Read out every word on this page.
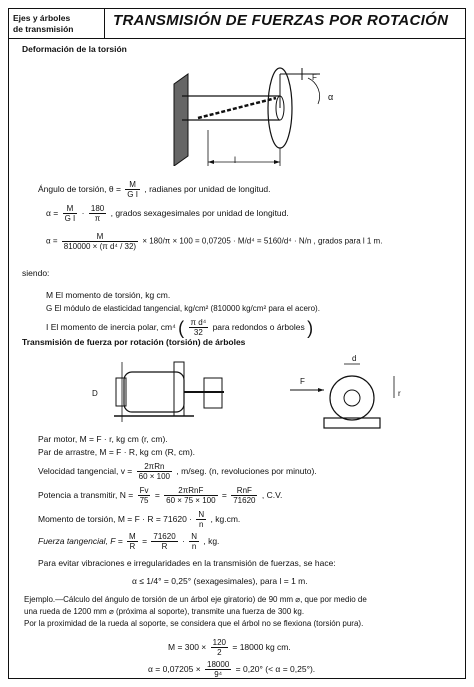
Ejes y árboles
de transmisión	TRANSMISIÓN DE FUERZAS POR ROTACIÓN
Deformación de la torsión
F
α
l
Ángulo de torsión, $\theta = \frac{M}{\text{G I}}$ , radianes por unidad de longitud.
$\alpha = \frac{M}{\text{G I}} \cdot \frac{180}{\pi}$ , grados sexagesimales por unidad de longitud.
$\alpha = \frac{M}{\text{810000 × (π d⁴ / 32)}} \times 180/\pi \times 100 = 0,07205 \cdot M/d^4 = 5160/d^4 \cdot N/n$ , grados para l 1 m.
siendo:
M El momento de torsión, kg cm.
G El módulo de elasticidad tangencial, kg/cm² (810000 kg/cm² para el acero).
I El momento de inercia polar, cm⁴ ( $\frac{\text{π d⁴}}{32}$ para redondos o árboles )
Transmisión de fuerza por rotación (torsión) de árboles
D
F
d
r
Par motor, M = F · r, kg cm (r, cm).
Par de arrastre, M = F · R, kg cm (R, cm).
Velocidad tangencial, $v = \frac{\text{2πRn}}{60 \times 100}$ , m/seg. (n, revoluciones por minuto).
Potencia a transmitir, $N = \frac{Fv}{75} = \frac{\text{2πRnF}}{60 \times 75 \times 100} = \frac{\text{RnF}}{71620}$ , C.V.
Momento de torsión, $M = F \cdot R = 71620 \cdot \frac{N}{n}$ , kg.cm.
Fuerza tangencial, $F = \frac{M}{R} = \frac{71620}{R} \cdot \frac{N}{n}$ , kg.
Para evitar vibraciones e irregularidades en la transmisión de fuerzas, se hace:
α ≤ 1/4° = 0,25° (sexagesimales), para l = 1 m.
Ejemplo.—Cálculo del ángulo de torsión de un árbol eje giratorio) de 90 mm ⌀, que por medio de
una rueda de 1200 mm ⌀ (próxima al soporte), transmite una fuerza de 300 kg.
Por la proximidad de la rueda al soporte, se considera que el árbol no se flexiona (torsión pura).
$M = 300 \times \frac{120}{2} = 18000$ kg cm.
$\alpha = 0,07205 \times \frac{18000}{\text{9⁴}} = 0,20^\circ$ (< α = 0,25°).
